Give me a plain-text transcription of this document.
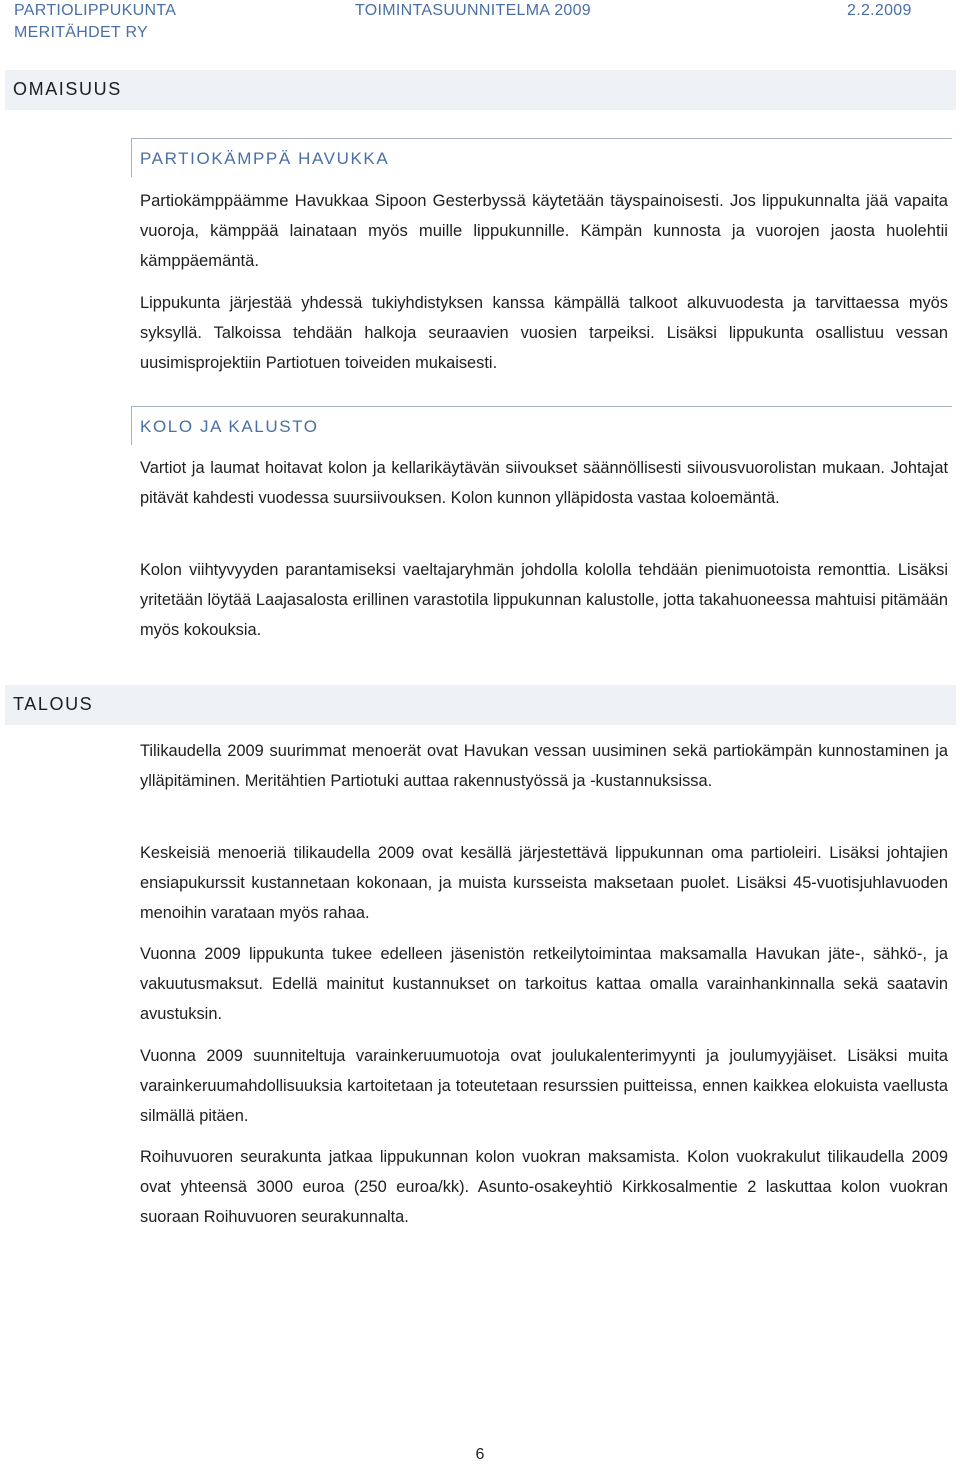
PARTIOLIPPUKUNTA
MERITÄHDET RY
TOIMINTASUUNNITELMA 2009	2.2.2009
OMAISUUS
PARTIOKÄMPPÄ HAVUKKA

Partiokämppäämme Havukkaa Sipoon Gesterbyssä käytetään täyspainoisesti. Jos lippukunnalta jää vapaita vuoroja, kämppää lainataan myös muille lippukunnille. Kämpän kunnosta ja vuorojen jaosta huolehtii kämppäemäntä.

Lippukunta järjestää yhdessä tukiyhdistyksen kanssa kämpällä talkoot alkuvuodesta ja tarvittaessa myös syksyllä. Talkoissa tehdään halkoja seuraavien vuosien tarpeiksi. Lisäksi lippukunta osallistuu vessan uusimisprojektiin Partiotuen toiveiden mukaisesti.

KOLO JA KALUSTO

Vartiot ja laumat hoitavat kolon ja kellarikäytävän siivoukset säännöllisesti siivousvuorolistan mukaan. Johtajat pitävät kahdesti vuodessa suursiivouksen. Kolon kunnon ylläpidosta vastaa koloemäntä.

Kolon viihtyvyyden parantamiseksi vaeltajaryhmän johdolla kololla tehdään pienimuotoista remonttia. Lisäksi yritetään löytää Laajasalosta erillinen varastotila lippukunnan kalustolle, jotta takahuoneessa mahtuisi pitämään myös kokouksia.

TALOUS

Tilikaudella 2009 suurimmat menoerät ovat Havukan vessan uusiminen sekä partiokämpän kunnostaminen ja ylläpitäminen. Meritähtien Partiotuki auttaa rakennustyössä ja -kustannuksissa.

Keskeisiä menoeriä tilikaudella 2009 ovat kesällä järjestettävä lippukunnan oma partioleiri. Lisäksi johtajien ensiapukurssit kustannetaan kokonaan, ja muista kursseista maksetaan puolet. Lisäksi 45-vuotisjuhlavuoden menoihin varataan myös rahaa.

Vuonna 2009 lippukunta tukee edelleen jäsenistön retkeilytoimintaa maksamalla Havukan jäte-, sähkö-, ja vakuutusmaksut. Edellä mainitut kustannukset on tarkoitus kattaa omalla varainhankinnalla sekä saatavin avustuksin.

Vuonna 2009 suunniteltuja varainkeruumuotoja ovat joulukalenterimyynti ja joulumyyjäiset. Lisäksi muita varainkeruumahdollisuuksia kartoitetaan ja toteutetaan resurssien puitteissa, ennen kaikkea elokuista vaellusta silmällä pitäen.

Roihuvuoren seurakunta jatkaa lippukunnan kolon vuokran maksamista. Kolon vuokrakulut tilikaudella 2009 ovat yhteensä 3000 euroa (250 euroa/kk). Asunto-osakeyhtiö Kirkkosalmentie 2 laskuttaa kolon vuokran suoraan Roihuvuoren seurakunnalta.

6
